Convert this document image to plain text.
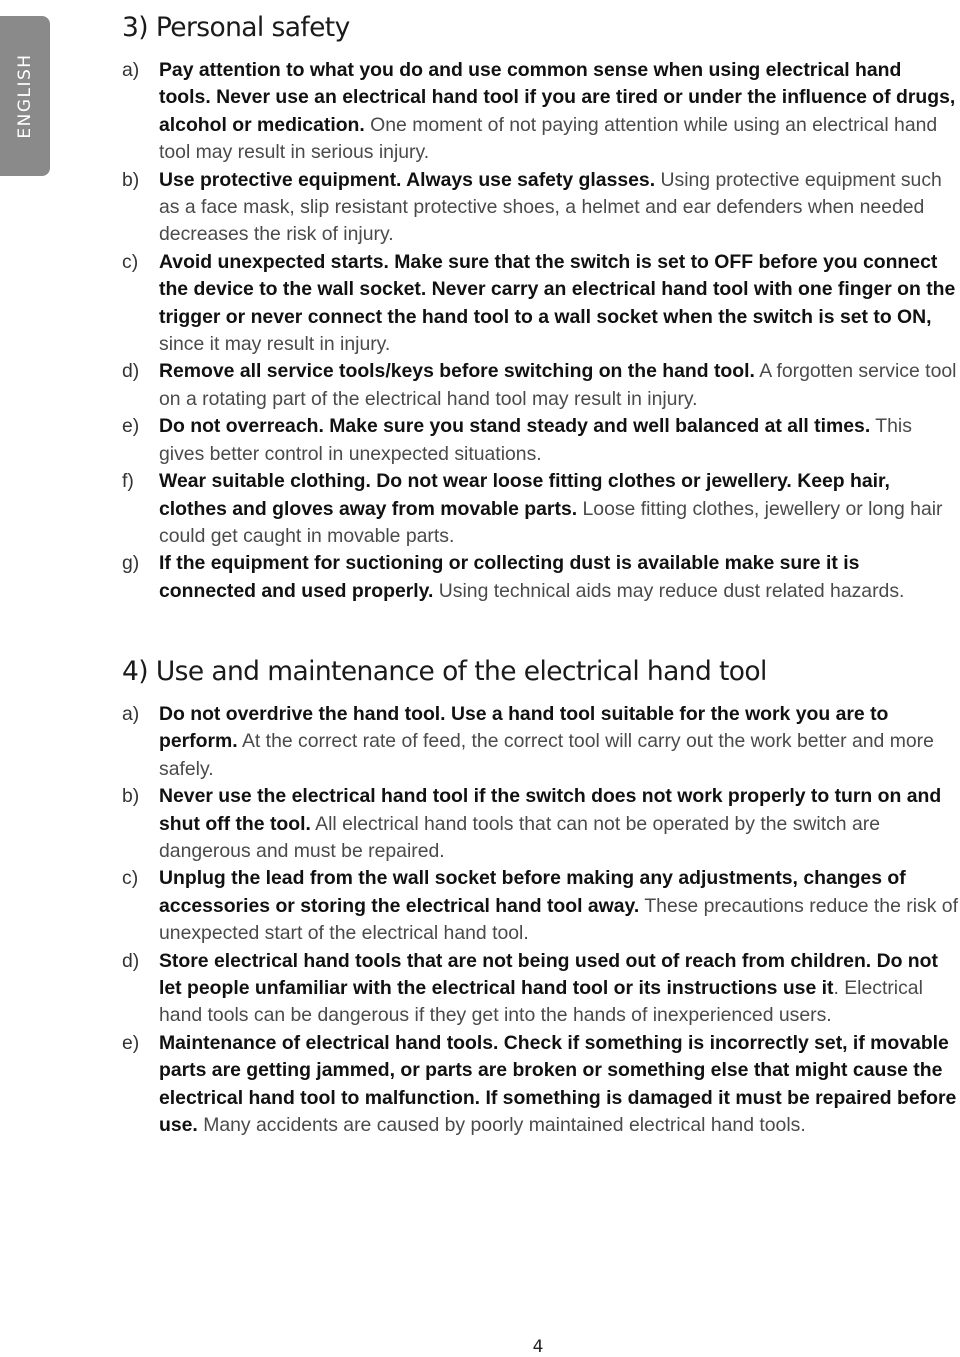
ENGLISH
3) Personal safety
a)	Pay attention to what you do and use common sense when using electrical hand tools. Never use an electrical hand tool if you are tired or under the influence of drugs, alcohol or medication. One moment of not paying attention while using an electrical hand tool may result in serious injury.
b)	Use protective equipment. Always use safety glasses. Using protective equipment such as a face mask, slip resistant protective shoes, a helmet and ear defenders when needed decreases the risk of injury.
c)	Avoid unexpected starts. Make sure that the switch is set to OFF before you connect the device to the wall socket. Never carry an electrical hand tool with one finger on the trigger or never connect the hand tool to a wall socket when the switch is set to ON, since it may result in injury.
d)	Remove all service tools/keys before switching on the hand tool. A forgotten service tool on a rotating part of the electrical hand tool may result in injury.
e)	Do not overreach. Make sure you stand steady and well balanced at all times. This gives better control in unexpected situations.
f)	Wear suitable clothing. Do not wear loose fitting clothes or jewellery. Keep hair, clothes and gloves away from movable parts. Loose fitting clothes, jewellery or long hair could get caught in movable parts.
g)	If the equipment for suctioning or collecting dust is available make sure it is connected and used properly. Using technical aids may reduce dust related hazards.
4) Use and maintenance of the electrical hand tool
a)	Do not overdrive the hand tool. Use a hand tool suitable for the work you are to perform. At the correct rate of feed, the correct tool will carry out the work better and more safely.
b)	Never use the electrical hand tool if the switch does not work properly to turn on and shut off the tool. All electrical hand tools that can not be operated by the switch are dangerous and must be repaired.
c)	Unplug the lead from the wall socket before making any adjustments, changes of accessories or storing the electrical hand tool away. These precautions reduce the risk of unexpected start of the electrical hand tool.
d)	Store electrical hand tools that are not being used out of reach from children. Do not let people unfamiliar with the electrical hand tool or its instructions use it. Electrical hand tools can be dangerous if they get into the hands of inexperienced users.
e)	Maintenance of electrical hand tools. Check if something is incorrectly set, if movable parts are getting jammed, or parts are broken or something else that might cause the electrical hand tool to malfunction. If something is damaged it must be repaired before use. Many accidents are caused by poorly maintained electrical hand tools.
4
